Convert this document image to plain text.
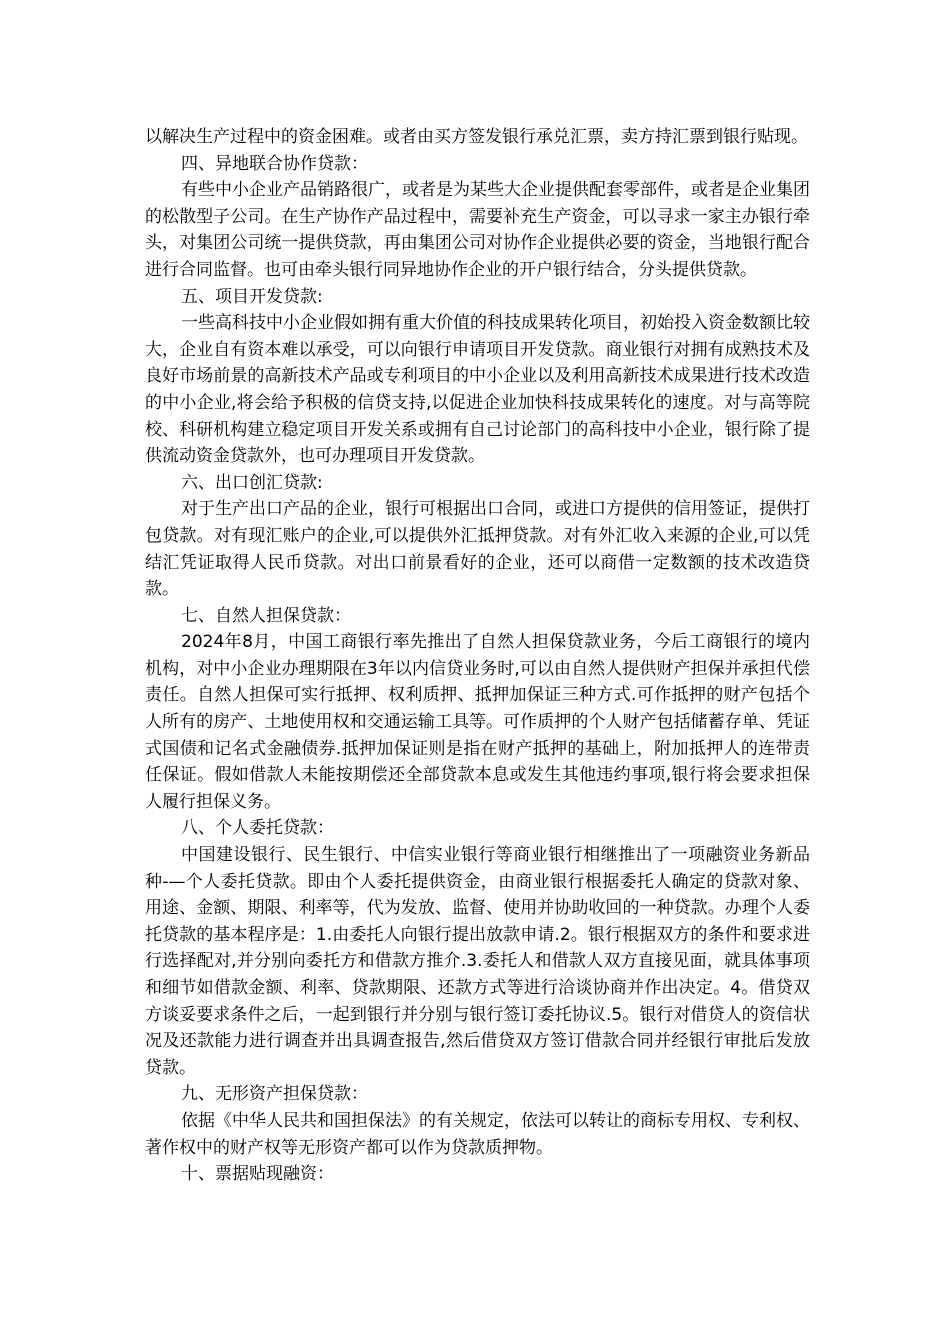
以解决生产过程中的资金困难。或者由买方签发银行承兑汇票，卖方持汇票到银行贴现。

四、异地联合协作贷款：

有些中小企业产品销路很广，或者是为某些大企业提供配套零部件，或者是企业集团的松散型子公司。在生产协作产品过程中，需要补充生产资金，可以寻求一家主办银行牵头，对集团公司统一提供贷款，再由集团公司对协作企业提供必要的资金，当地银行配合进行合同监督。也可由牵头银行同异地协作企业的开户银行结合，分头提供贷款。

五、项目开发贷款:

一些高科技中小企业假如拥有重大价值的科技成果转化项目，初始投入资金数额比较大，企业自有资本难以承受，可以向银行申请项目开发贷款。商业银行对拥有成熟技术及良好市场前景的高新技术产品或专利项目的中小企业以及利用高新技术成果进行技术改造的中小企业,将会给予积极的信贷支持,以促进企业加快科技成果转化的速度。对与高等院校、科研机构建立稳定项目开发关系或拥有自己讨论部门的高科技中小企业，银行除了提供流动资金贷款外，也可办理项目开发贷款。

六、出口创汇贷款:

对于生产出口产品的企业，银行可根据出口合同，或进口方提供的信用签证，提供打包贷款。对有现汇账户的企业,可以提供外汇抵押贷款。对有外汇收入来源的企业,可以凭结汇凭证取得人民币贷款。对出口前景看好的企业，还可以商借一定数额的技术改造贷款。

七、自然人担保贷款：

2024年8月，中国工商银行率先推出了自然人担保贷款业务，今后工商银行的境内机构，对中小企业办理期限在3年以内信贷业务时,可以由自然人提供财产担保并承担代偿责任。自然人担保可实行抵押、权利质押、抵押加保证三种方式.可作抵押的财产包括个人所有的房产、土地使用权和交通运输工具等。可作质押的个人财产包括储蓄存单、凭证式国债和记名式金融债券.抵押加保证则是指在财产抵押的基础上，附加抵押人的连带责任保证。假如借款人未能按期偿还全部贷款本息或发生其他违约事项,银行将会要求担保人履行担保义务。

八、个人委托贷款：

中国建设银行、民生银行、中信实业银行等商业银行相继推出了一项融资业务新品种-—个人委托贷款。即由个人委托提供资金，由商业银行根据委托人确定的贷款对象、用途、金额、期限、利率等，代为发放、监督、使用并协助收回的一种贷款。办理个人委托贷款的基本程序是：1.由委托人向银行提出放款申请.2。银行根据双方的条件和要求进行选择配对,并分别向委托方和借款方推介.3.委托人和借款人双方直接见面，就具体事项和细节如借款金额、利率、贷款期限、还款方式等进行洽谈协商并作出决定。4。借贷双方谈妥要求条件之后，一起到银行并分别与银行签订委托协议.5。银行对借贷人的资信状况及还款能力进行调查并出具调查报告,然后借贷双方签订借款合同并经银行审批后发放贷款。

九、无形资产担保贷款：

依据《中华人民共和国担保法》的有关规定，依法可以转让的商标专用权、专利权、著作权中的财产权等无形资产都可以作为贷款质押物。

十、票据贴现融资：
